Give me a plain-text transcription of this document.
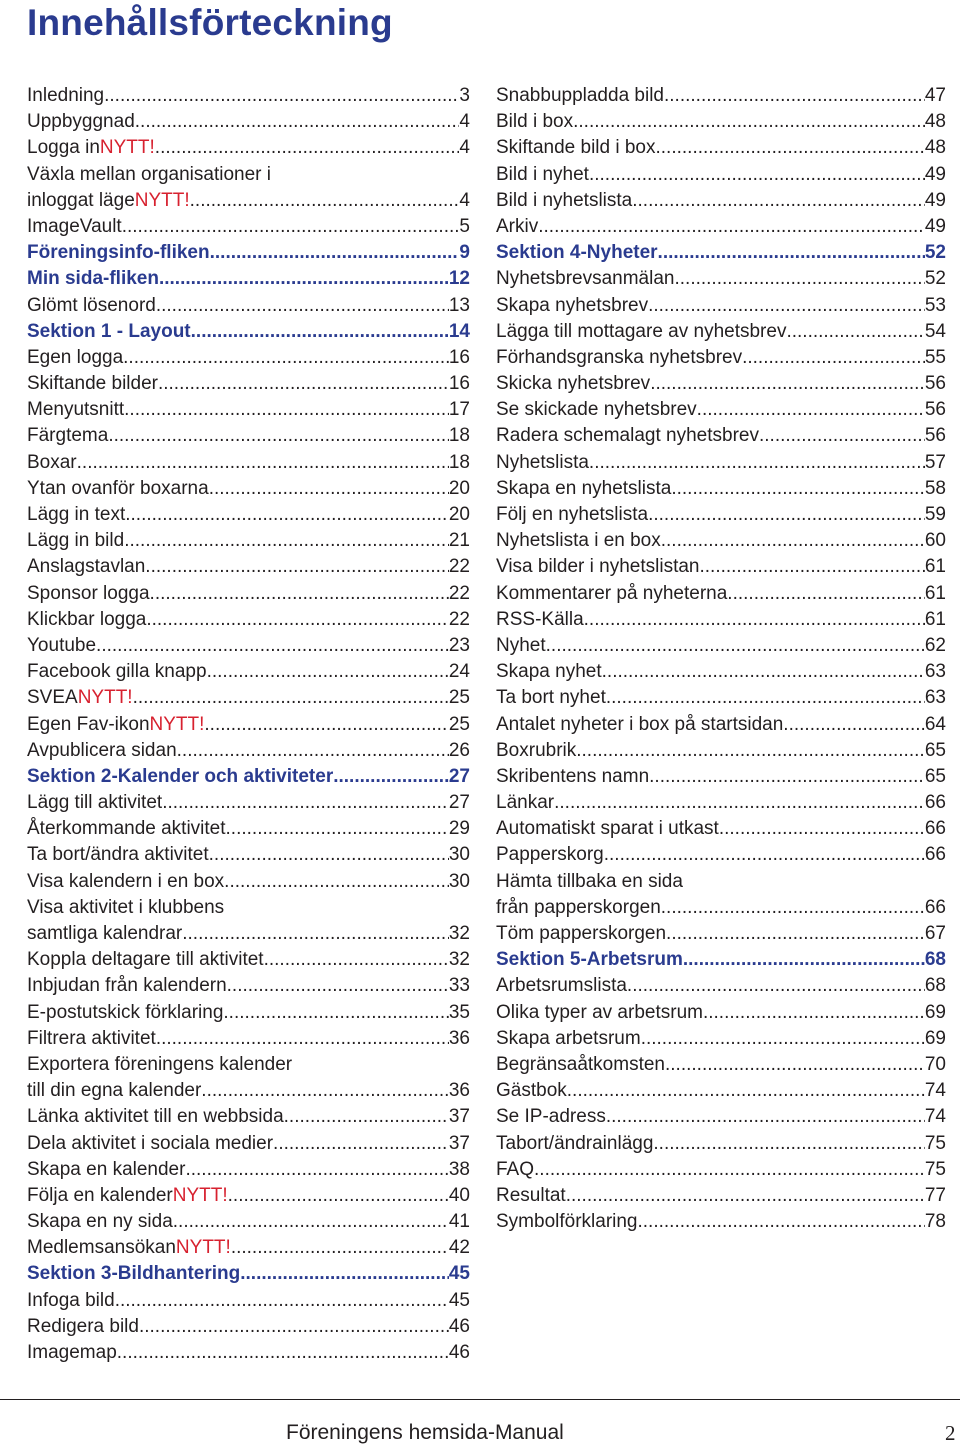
Innehållsförteckning
Inledning .....	3
Uppbyggnad .....	4
Logga in NYTT! .....	4
Växla mellan organisationer i
inloggat läge NYTT! .....	4
ImageVault .....	5
Föreningsinfo-fliken .....	9
Min sida-fliken .....	12
Glömt lösenord .....	13
Sektion 1 - Layout .....	14
Egen logga .....	16
Skiftande bilder .....	16
Menyutsnitt .....	17
Färgtema .....	18
Boxar .....	18
Ytan ovanför boxarna .....	20
Lägg in text .....	20
Lägg in bild .....	21
Anslagstavlan .....	22
Sponsor logga .....	22
Klickbar logga .....	22
Youtube .....	23
Facebook gilla knapp .....	24
SVEA NYTT! .....	25
Egen Fav-ikon NYTT! .....	25
Avpublicera sidan .....	26
Sektion 2-Kalender och aktiviteter .....	27
Lägg till aktivitet .....	27
Återkommande aktivitet .....	29
Ta bort/ändra aktivitet .....	30
Visa kalendern i en box .....	30
Visa aktivitet i klubbens
samtliga kalendrar .....	32
Koppla deltagare till aktivitet .....	32
Inbjudan från kalendern .....	33
E-postutskick förklaring .....	35
Filtrera aktivitet .....	36
Exportera föreningens kalender
till din egna kalender .....	36
Länka aktivitet till en webbsida .....	37
Dela aktivitet i sociala medier .....	37
Skapa en kalender .....	38
Följa en kalender NYTT! .....	40
Skapa en ny sida .....	41
Medlemsansökan NYTT! .....	42
Sektion 3-Bildhantering .....	45
Infoga bild .....	45
Redigera bild .....	46
Imagemap .....	46
Snabbuppladda bild .....	47
Bild i box .....	48
Skiftande bild i box .....	48
Bild i nyhet .....	49
Bild i nyhetslista .....	49
Arkiv .....	49
Sektion 4-Nyheter .....	52
Nyhetsbrevsanmälan .....	52
Skapa nyhetsbrev .....	53
Lägga till mottagare av nyhetsbrev .....	54
Förhandsgranska nyhetsbrev .....	55
Skicka nyhetsbrev .....	56
Se skickade nyhetsbrev .....	56
Radera schemalagt nyhetsbrev .....	56
Nyhetslista .....	57
Skapa en nyhetslista .....	58
Följ en nyhetslista .....	59
Nyhetslista i en box .....	60
Visa bilder i nyhetslistan .....	61
Kommentarer på nyheterna .....	61
RSS-Källa .....	61
Nyhet .....	62
Skapa nyhet .....	63
Ta bort nyhet .....	63
Antalet nyheter i box på startsidan .....	64
Boxrubrik .....	65
Skribentens namn .....	65
Länkar .....	66
Automatiskt sparat i utkast .....	66
Papperskorg .....	66
Hämta tillbaka en sida
från papperskorgen .....	66
Töm papperskorgen .....	67
Sektion 5-Arbetsrum .....	68
Arbetsrumslista .....	68
Olika typer av arbetsrum .....	69
Skapa arbetsrum .....	69
Begränsaåtkomsten .....	70
Gästbok .....	74
Se IP-adress .....	74
Tabort/ändrainlägg .....	75
FAQ .....	75
Resultat .....	77
Symbolförklaring .....	78
Föreningens hemsida-Manual	2
